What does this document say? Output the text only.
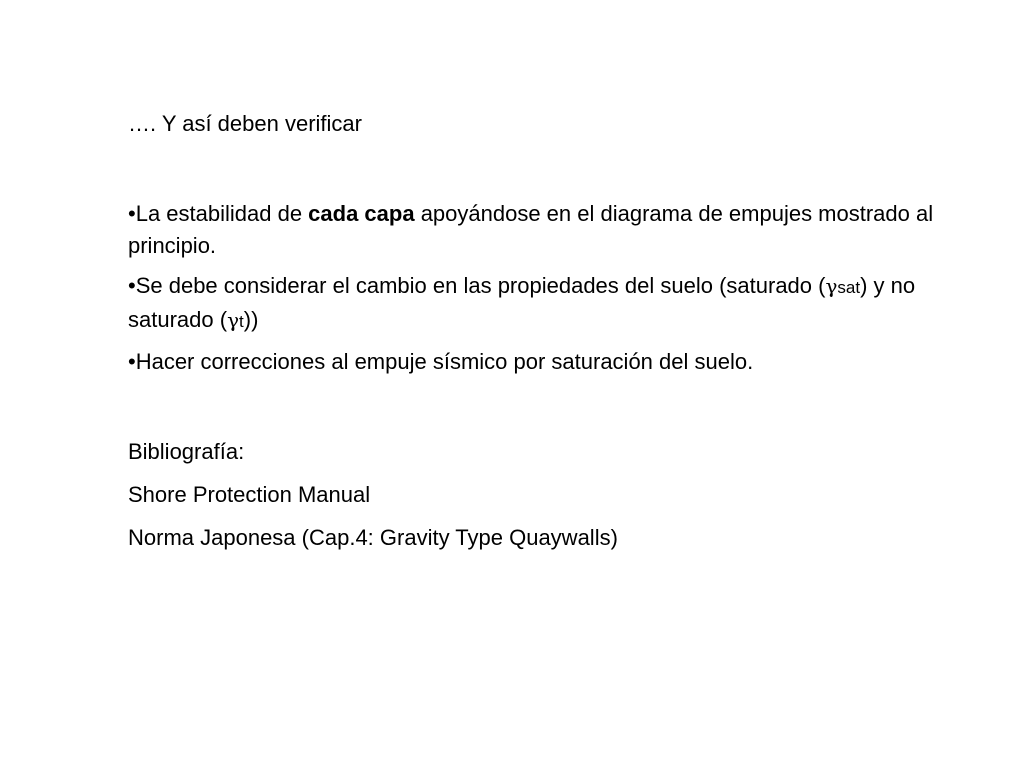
…. Y así deben verificar

•La estabilidad de cada capa apoyándose en el diagrama de empujes mostrado al principio.

•Se debe considerar el cambio en las propiedades del suelo (saturado (γsat) y no saturado (γt))

•Hacer correcciones al empuje sísmico por saturación del suelo.

Bibliografía:

Shore Protection Manual

Norma Japonesa (Cap.4: Gravity Type Quaywalls)
